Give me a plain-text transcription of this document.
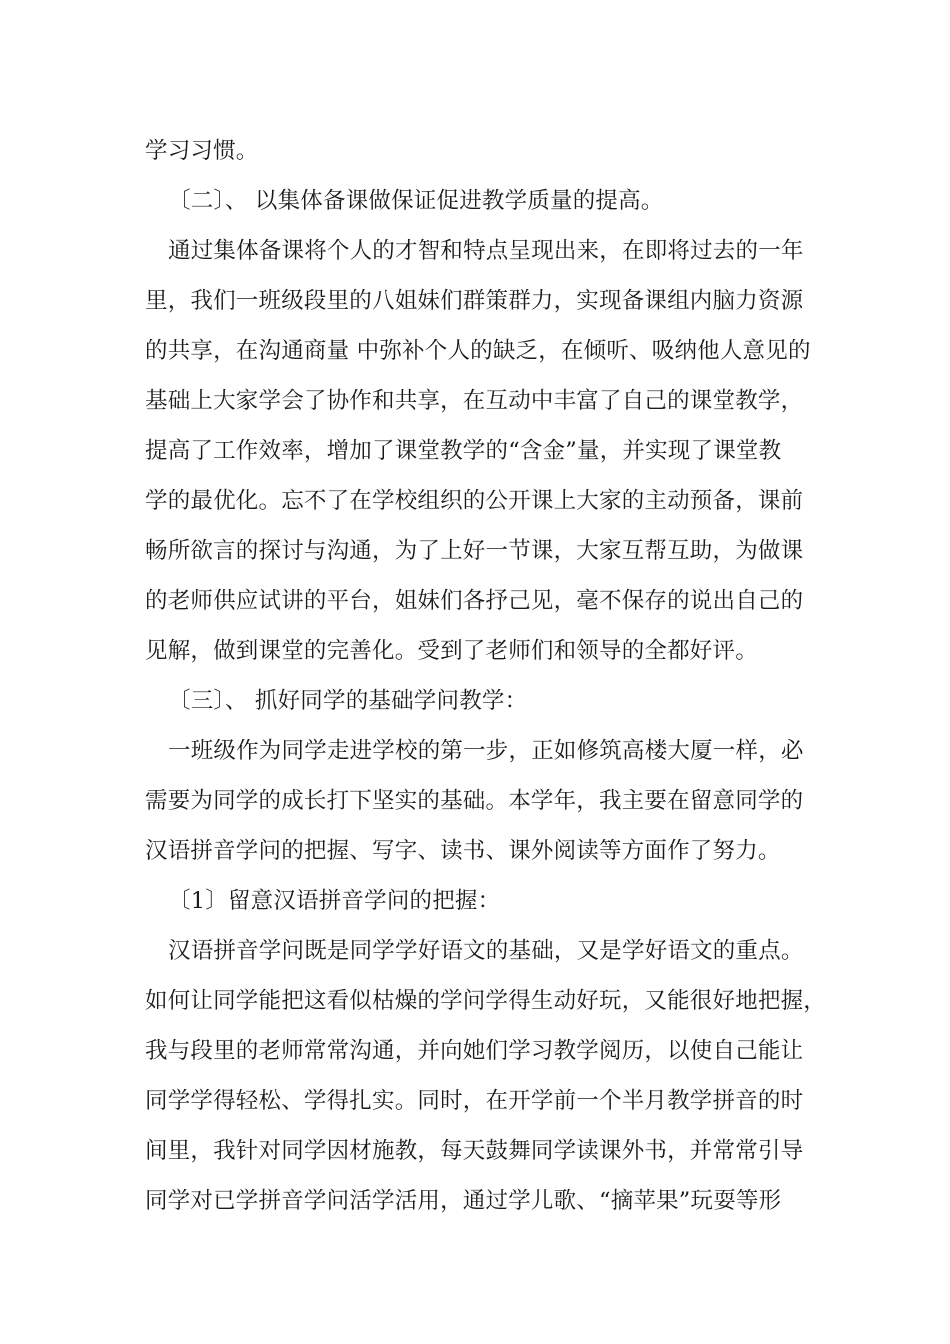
学习习惯。
〔二〕、 以集体备课做保证促进教学质量的提高。
通过集体备课将个人的才智和特点呈现出来，在即将过去的一年
里，我们一班级段里的八姐妹们群策群力，实现备课组内脑力资源
的共享，在沟通商量 中弥补个人的缺乏，在倾听、吸纳他人意见的
基础上大家学会了协作和共享，在互动中丰富了自己的课堂教学，
提高了工作效率，增加了课堂教学的“含金”量，并实现了课堂教
学的最优化。忘不了在学校组织的公开课上大家的主动预备，课前
畅所欲言的探讨与沟通，为了上好一节课，大家互帮互助，为做课
的老师供应试讲的平台，姐妹们各抒己见，毫不保存的说出自己的
见解，做到课堂的完善化。受到了老师们和领导的全都好评。
〔三〕、 抓好同学的基础学问教学：
一班级作为同学走进学校的第一步，正如修筑高楼大厦一样，必
需要为同学的成长打下坚实的基础。本学年，我主要在留意同学的
汉语拼音学问的把握、写字、读书、课外阅读等方面作了努力。
〔1〕留意汉语拼音学问的把握：
汉语拼音学问既是同学学好语文的基础，又是学好语文的重点。
如何让同学能把这看似枯燥的学问学得生动好玩，又能很好地把握，
我与段里的老师常常沟通，并向她们学习教学阅历，以使自己能让
同学学得轻松、学得扎实。同时，在开学前一个半月教学拼音的时
间里，我针对同学因材施教，每天鼓舞同学读课外书，并常常引导
同学对已学拼音学问活学活用，通过学儿歌、“摘苹果”玩耍等形
